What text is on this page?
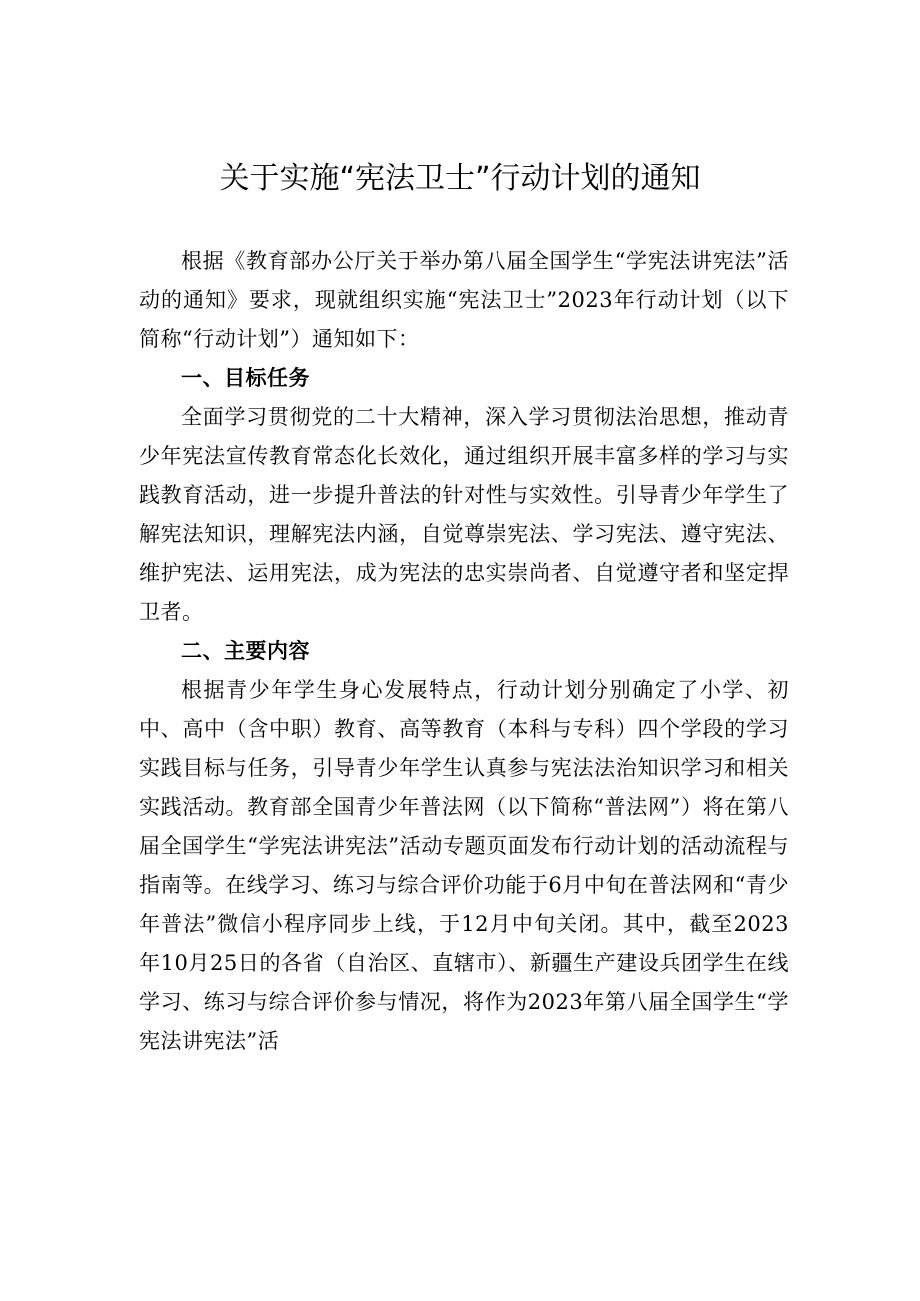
关于实施“宪法卫士”行动计划的通知

根据《教育部办公厅关于举办第八届全国学生“学宪法讲宪法”活动的通知》要求，现就组织实施“宪法卫士”2023年行动计划（以下简称“行动计划”）通知如下：

一、目标任务

全面学习贯彻党的二十大精神，深入学习贯彻法治思想，推动青少年宪法宣传教育常态化长效化，通过组织开展丰富多样的学习与实践教育活动，进一步提升普法的针对性与实效性。引导青少年学生了解宪法知识，理解宪法内涵，自觉尊崇宪法、学习宪法、遵守宪法、维护宪法、运用宪法，成为宪法的忠实崇尚者、自觉遵守者和坚定捍卫者。

二、主要内容

根据青少年学生身心发展特点，行动计划分别确定了小学、初中、高中（含中职）教育、高等教育（本科与专科）四个学段的学习实践目标与任务，引导青少年学生认真参与宪法法治知识学习和相关实践活动。教育部全国青少年普法网（以下简称“普法网”）将在第八届全国学生“学宪法讲宪法”活动专题页面发布行动计划的活动流程与指南等。在线学习、练习与综合评价功能于6月中旬在普法网和“青少年普法”微信小程序同步上线，于12月中旬关闭。其中，截至2023年10月25日的各省（自治区、直辖市）、新疆生产建设兵团学生在线学习、练习与综合评价参与情况，将作为2023年第八届全国学生“学宪法讲宪法”活
